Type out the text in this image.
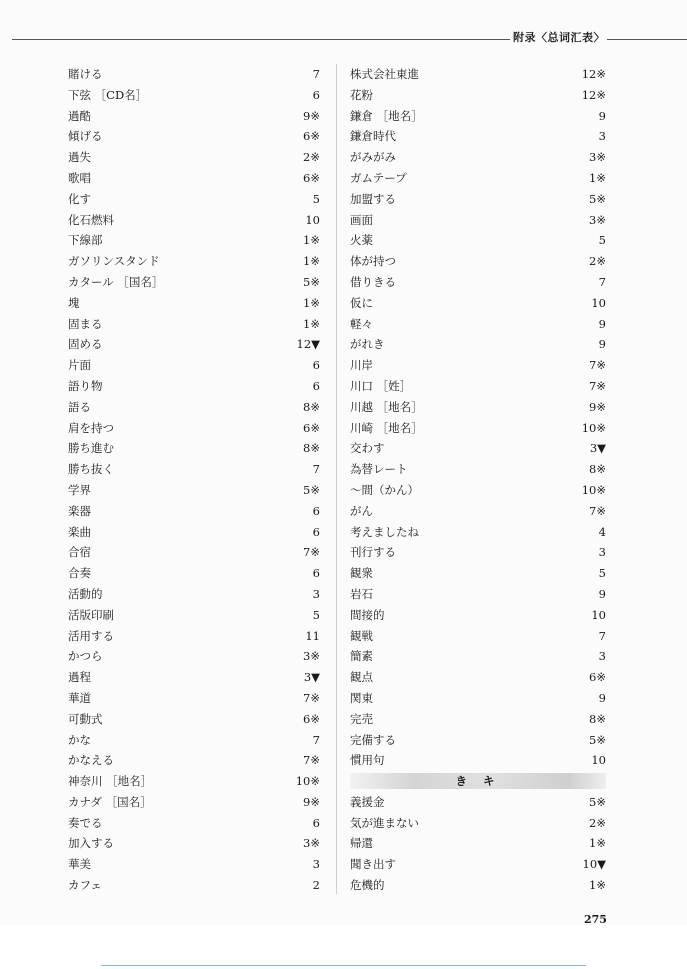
附录〈总词汇表〉
賭ける	7
下弦 ［CD名］	6
過酷	9※
傾げる	6※
過失	2※
歌唱	6※
化す	5
化石燃料	10
下線部	1※
ガソリンスタンド	1※
カタール ［国名］	5※
塊	1※
固まる	1※
固める	12▼
片面	6
語り物	6
語る	8※
肩を持つ	6※
勝ち進む	8※
勝ち抜く	7
学界	5※
楽器	6
楽曲	6
合宿	7※
合奏	6
活動的	3
活版印刷	5
活用する	11
かつら	3※
過程	3▼
華道	7※
可動式	6※
かな	7
かなえる	7※
神奈川 ［地名］	10※
カナダ ［国名］	9※
奏でる	6
加入する	3※
華美	3
カフェ	2
株式会社東進	12※
花粉	12※
鎌倉 ［地名］	9
鎌倉時代	3
がみがみ	3※
ガムテープ	1※
加盟する	5※
画面	3※
火薬	5
体が持つ	2※
借りきる	7
仮に	10
軽々	9
がれき	9
川岸	7※
川口 ［姓］	7※
川越 ［地名］	9※
川崎 ［地名］	10※
交わす	3▼
為替レート	8※
～間（かん）	10※
がん	7※
考えましたね	4
刊行する	3
観衆	5
岩石	9
間接的	10
観戦	7
簡素	3
観点	6※
関東	9
完売	8※
完備する	5※
慣用句	10
き キ
義援金	5※
気が進まない	2※
帰還	1※
聞き出す	10▼
危機的	1※
275
